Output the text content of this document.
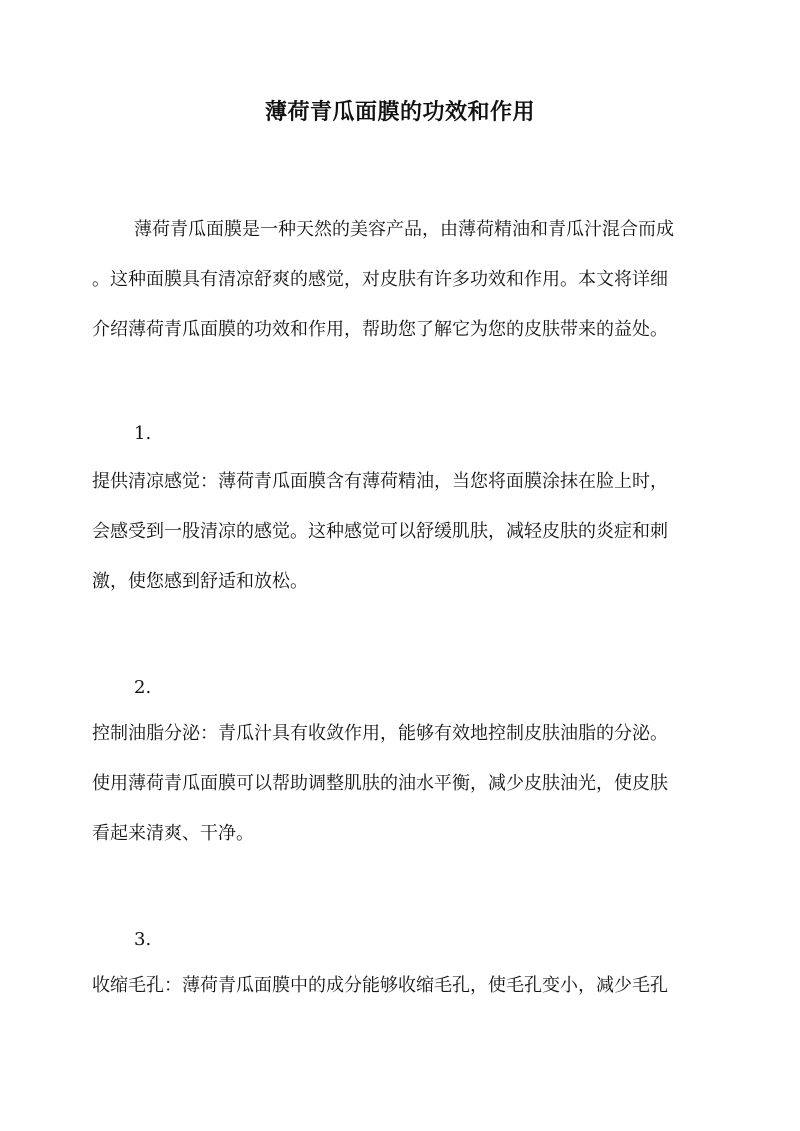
薄荷青瓜面膜的功效和作用
薄荷青瓜面膜是一种天然的美容产品，由薄荷精油和青瓜汁混合而成
。这种面膜具有清凉舒爽的感觉，对皮肤有许多功效和作用。本文将详细
介绍薄荷青瓜面膜的功效和作用，帮助您了解它为您的皮肤带来的益处。
1.
提供清凉感觉：薄荷青瓜面膜含有薄荷精油，当您将面膜涂抹在脸上时，
会感受到一股清凉的感觉。这种感觉可以舒缓肌肤，减轻皮肤的炎症和刺
激，使您感到舒适和放松。
2.
控制油脂分泌：青瓜汁具有收敛作用，能够有效地控制皮肤油脂的分泌。
使用薄荷青瓜面膜可以帮助调整肌肤的油水平衡，减少皮肤油光，使皮肤
看起来清爽、干净。
3.
收缩毛孔：薄荷青瓜面膜中的成分能够收缩毛孔，使毛孔变小，减少毛孔
